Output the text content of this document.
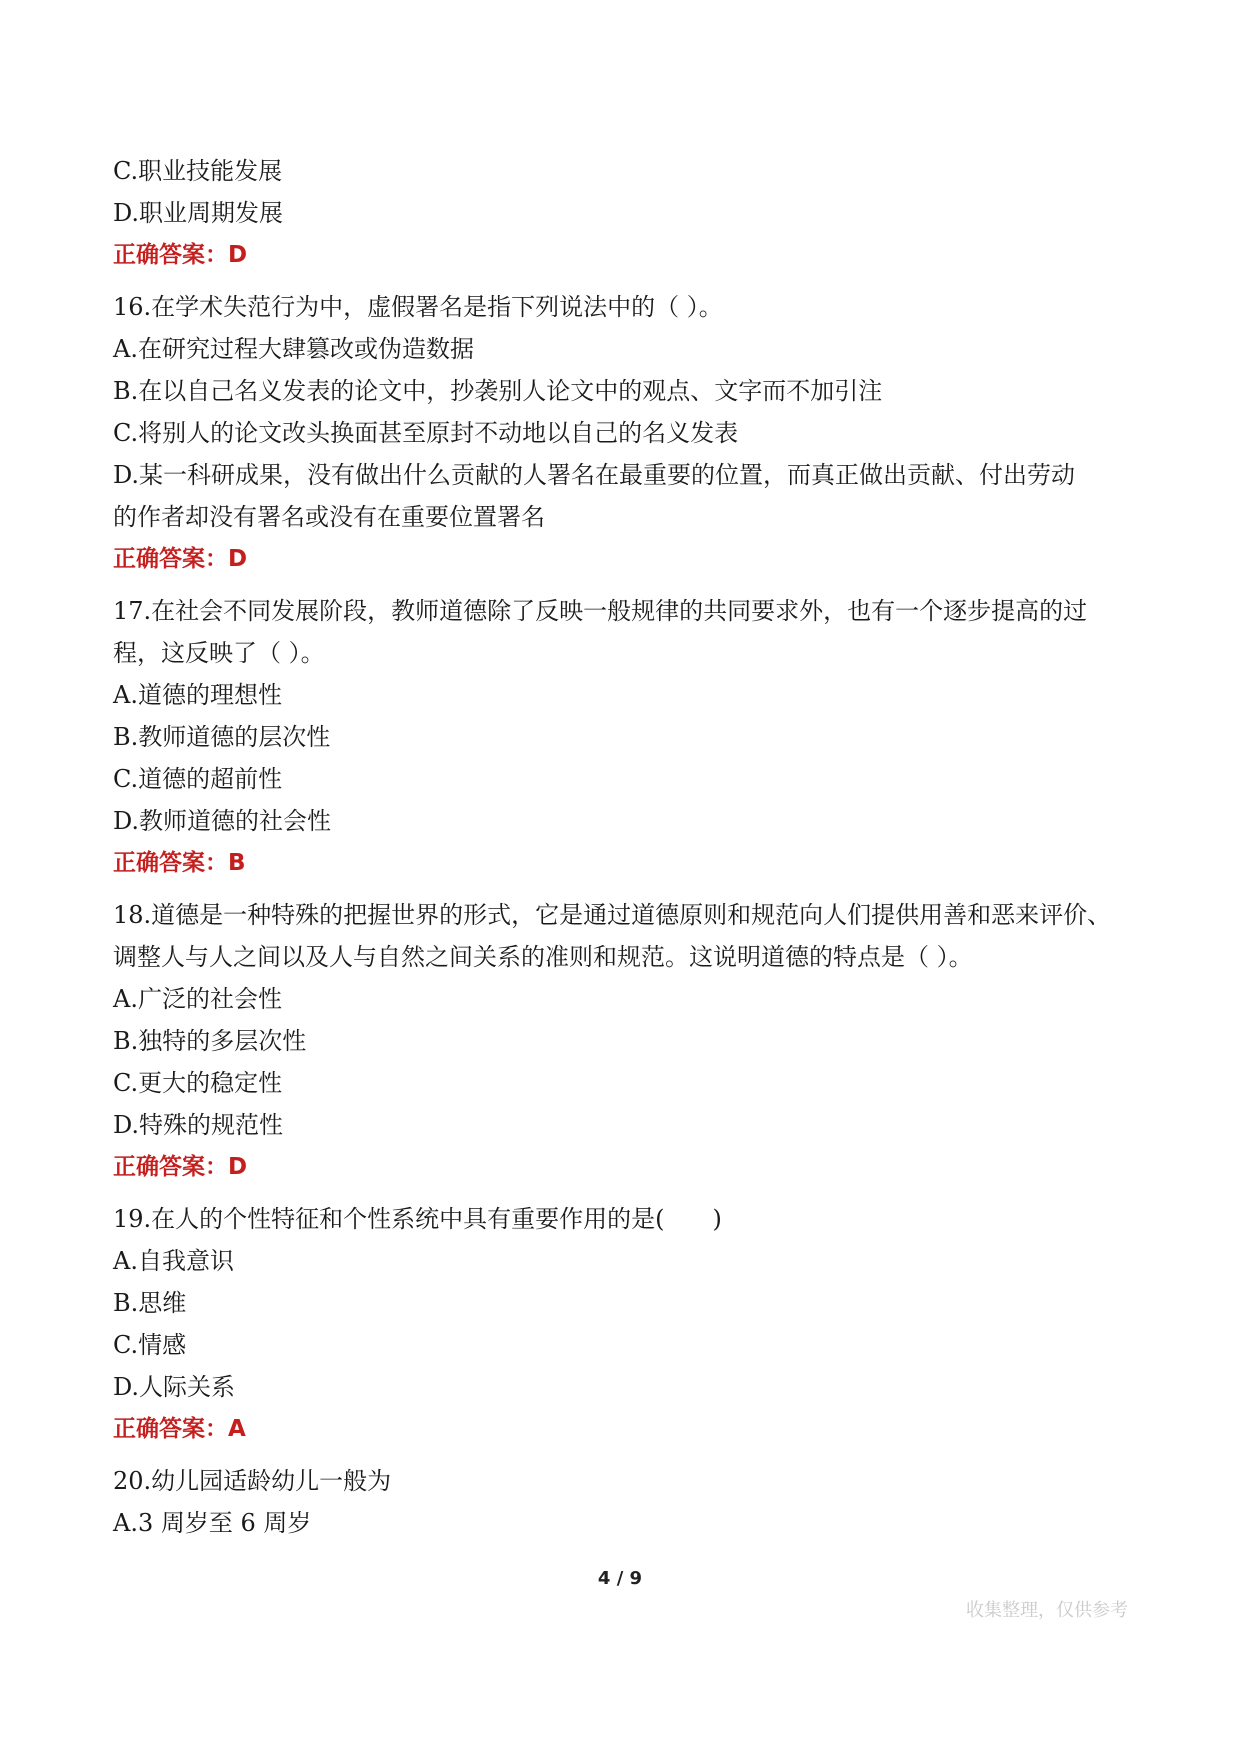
C.职业技能发展
D.职业周期发展
正确答案：D
16.在学术失范行为中，虚假署名是指下列说法中的（ ）。
A.在研究过程大肆篡改或伪造数据
B.在以自己名义发表的论文中，抄袭别人论文中的观点、文字而不加引注
C.将别人的论文改头换面甚至原封不动地以自己的名义发表
D.某一科研成果，没有做出什么贡献的人署名在最重要的位置，而真正做出贡献、付出劳动
的作者却没有署名或没有在重要位置署名
正确答案：D
17.在社会不同发展阶段，教师道德除了反映一般规律的共同要求外，也有一个逐步提高的过
程，这反映了（ ）。
A.道德的理想性
B.教师道德的层次性
C.道德的超前性
D.教师道德的社会性
正确答案：B
18.道德是一种特殊的把握世界的形式，它是通过道德原则和规范向人们提供用善和恶来评价、
调整人与人之间以及人与自然之间关系的准则和规范。这说明道德的特点是（ ）。
A.广泛的社会性
B.独特的多层次性
C.更大的稳定性
D.特殊的规范性
正确答案：D
19.在人的个性特征和个性系统中具有重要作用的是(　　)
A.自我意识
B.思维
C.情感
D.人际关系
正确答案：A
20.幼儿园适龄幼儿一般为
A.3 周岁至 6 周岁
4 / 9
收集整理，仅供参考
